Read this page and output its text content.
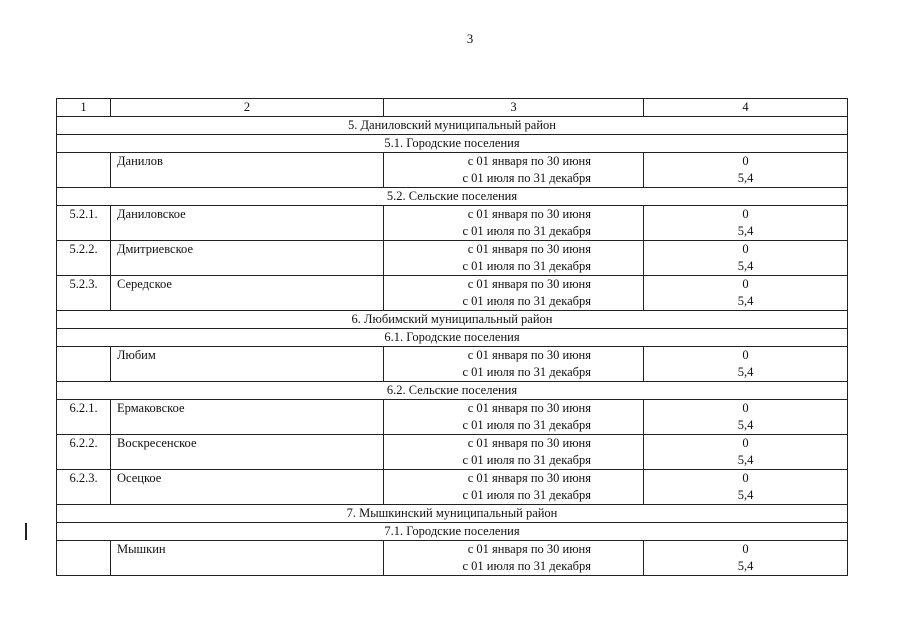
3
1	2	3	4
5. Даниловский муниципальный район			
5.1. Городские поселения			
	Данилов	с 01 января по 30 июня	0
		с 01 июля по 31 декабря	5,4
5.2. Сельские поселения			
5.2.1.	Даниловское	с 01 января по 30 июня	0
		с 01 июля по 31 декабря	5,4
5.2.2.	Дмитриевское	с 01 января по 30 июня	0
		с 01 июля по 31 декабря	5,4
5.2.3.	Середское	с 01 января по 30 июня	0
		с 01 июля по 31 декабря	5,4
6. Любимский муниципальный район			
6.1. Городские поселения			
	Любим	с 01 января по 30 июня	0
		с 01 июля по 31 декабря	5,4
6.2. Сельские поселения			
6.2.1.	Ермаковское	с 01 января по 30 июня	0
		с 01 июля по 31 декабря	5,4
6.2.2.	Воскресенское	с 01 января по 30 июня	0
		с 01 июля по 31 декабря	5,4
6.2.3.	Осецкое	с 01 января по 30 июня	0
		с 01 июля по 31 декабря	5,4
7. Мышкинский муниципальный район			
7.1. Городские поселения			
	Мышкин	с 01 января по 30 июня	0
		с 01 июля по 31 декабря	5,4
